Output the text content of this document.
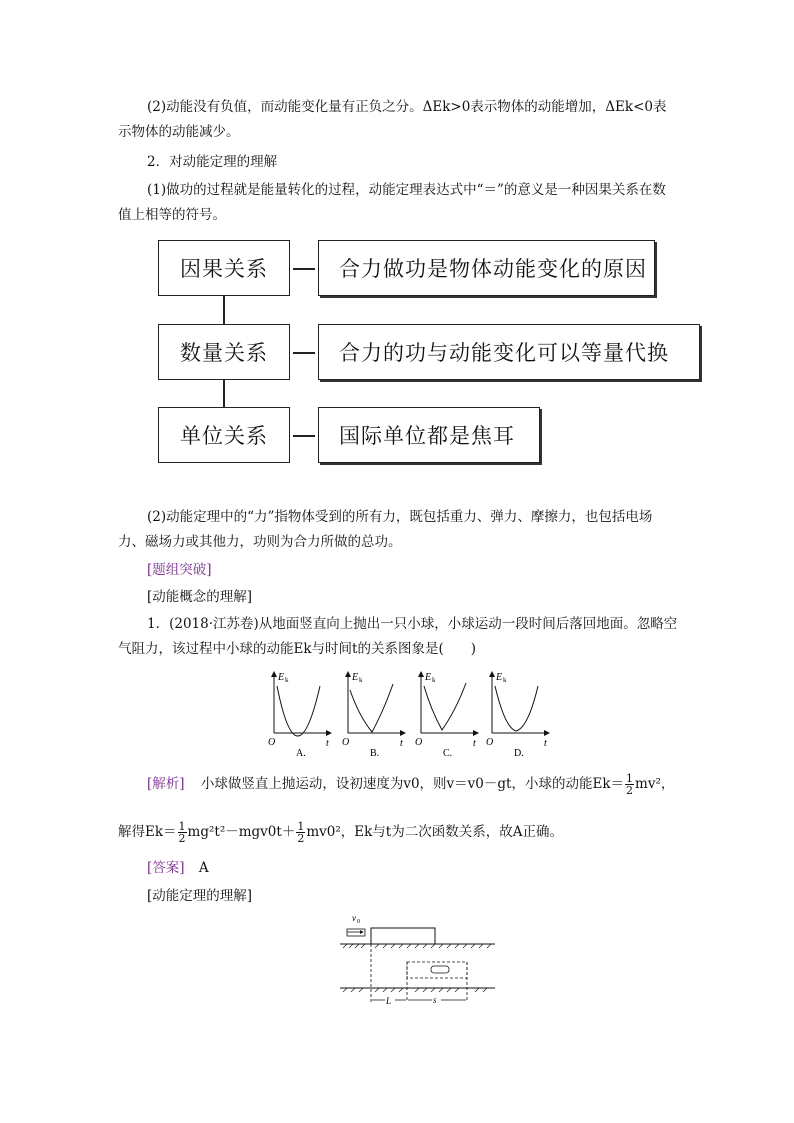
(2)动能没有负值，而动能变化量有正负之分。ΔEk>0表示物体的动能增加，ΔEk<0表示物体的动能减少。
2．对动能定理的理解
(1)做功的过程就是能量转化的过程，动能定理表达式中“＝”的意义是一种因果关系在数值上相等的符号。
因果关系	合力做功是物体动能变化的原因
数量关系	合力的功与动能变化可以等量代换
单位关系	国际单位都是焦耳
(2)动能定理中的“力”指物体受到的所有力，既包括重力、弹力、摩擦力，也包括电场力、磁场力或其他力，功则为合力所做的总功。
[题组突破]
[动能概念的理解]
1．(2018·江苏卷)从地面竖直向上抛出一只小球，小球运动一段时间后落回地面。忽略空气阻力，该过程中小球的动能Ek与时间t的关系图象是(　　)
E k
t
O
A.
E k
t
O
B.
E k
t
O
C.
E k
t
O
D.
[解析] 小球做竖直上抛运动，设初速度为v0，则v＝v0－gt，小球的动能$Ek= \frac{1}{2} mv^2$，
解得$Ek= \frac{1}{2} mg^2t^2-mgv0t+ \frac{1}{2} mv0^2$，Ek与t为二次函数关系，故A正确。
[答案] A
[动能定理的理解]
v 0
L	s
